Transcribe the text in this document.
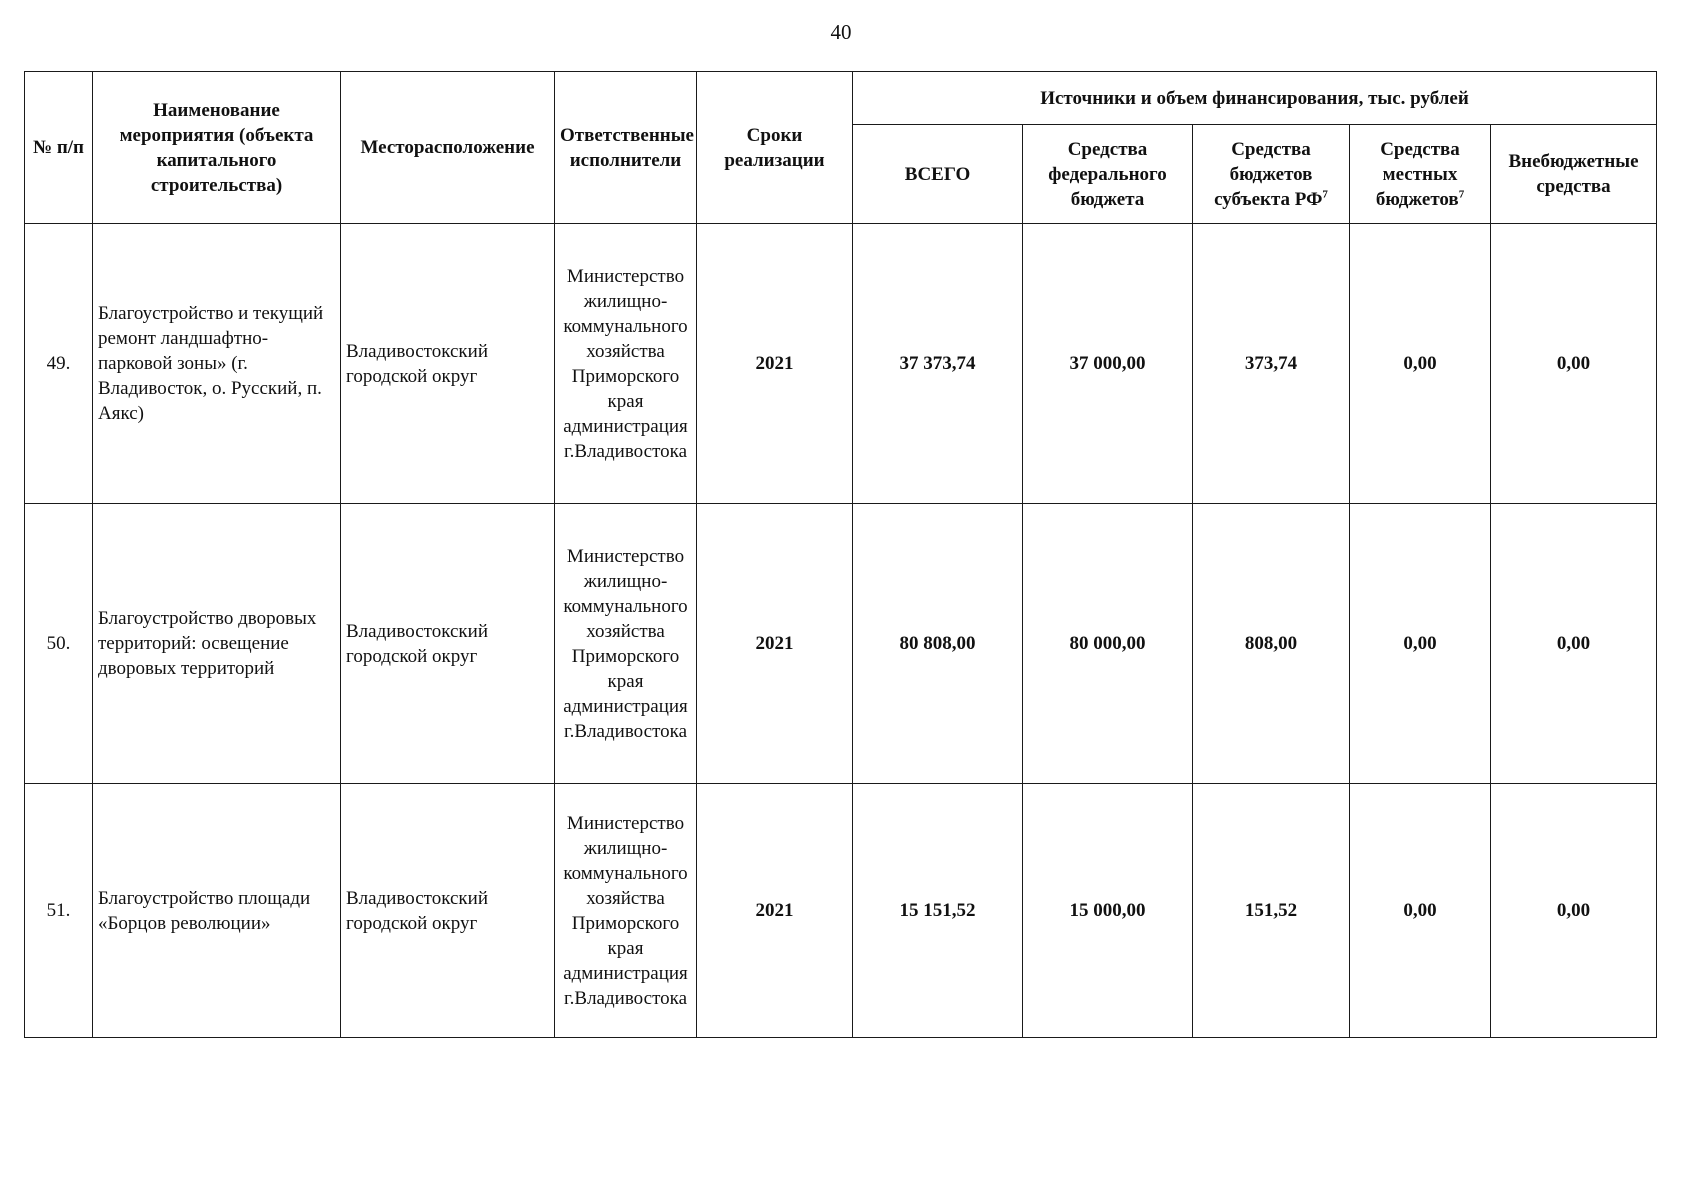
40
№ п/п	Наименование мероприятия (объекта капитального строительства)	Месторасположение	Ответственные исполнители	Сроки реализации	Источники и объем финансирования, тыс. рублей				
					ВСЕГО	Средства федерального бюджета	Средства бюджетов субъекта $РФ^7$	Средства местных бюджетов$^7$	Внебюджетные средства
49.	Благоустройство и текущий ремонт ландшафтно-парковой зоны» (г. Владивосток, о. Русский, п. Аякс)	Владивостокский городской округ	Министерство жилищно-коммунального хозяйства Приморского края администрация г.Владивостока	2021	37 373,74	37 000,00	373,74	0,00	0,00
50.	Благоустройство дворовых территорий: освещение дворовых территорий	Владивостокский городской округ	Министерство жилищно-коммунального хозяйства Приморского края администрация г.Владивостока	2021	80 808,00	80 000,00	808,00	0,00	0,00
51.	Благоустройство площади «Борцов революции»	Владивостокский городской округ	Министерство жилищно-коммунального хозяйства Приморского края администрация г.Владивостока	2021	15 151,52	15 000,00	151,52	0,00	0,00
